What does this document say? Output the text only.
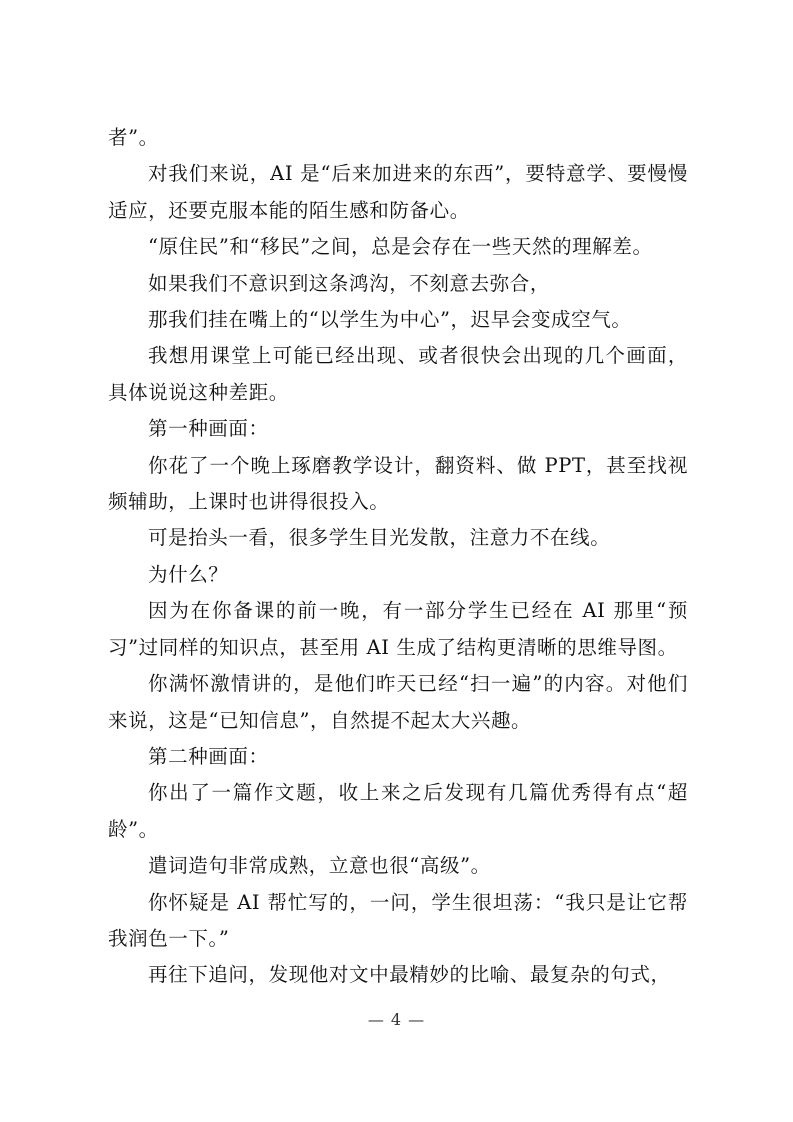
者”。

对我们来说，AI 是“后来加进来的东西”，要特意学、要慢慢适应，还要克服本能的陌生感和防备心。

“原住民”和“移民”之间，总是会存在一些天然的理解差。

如果我们不意识到这条鸿沟，不刻意去弥合，

那我们挂在嘴上的“以学生为中心”，迟早会变成空气。

我想用课堂上可能已经出现、或者很快会出现的几个画面，具体说说这种差距。

第一种画面：

你花了一个晚上琢磨教学设计，翻资料、做 PPT，甚至找视频辅助，上课时也讲得很投入。

可是抬头一看，很多学生目光发散，注意力不在线。

为什么？

因为在你备课的前一晚，有一部分学生已经在 AI 那里“预习”过同样的知识点，甚至用 AI 生成了结构更清晰的思维导图。

你满怀激情讲的，是他们昨天已经“扫一遍”的内容。对他们来说，这是“已知信息”，自然提不起太大兴趣。

第二种画面：

你出了一篇作文题，收上来之后发现有几篇优秀得有点“超龄”。

遣词造句非常成熟，立意也很“高级”。

你怀疑是 AI 帮忙写的，一问，学生很坦荡：“我只是让它帮我润色一下。”

再往下追问，发现他对文中最精妙的比喻、最复杂的句式，

— 4 —
